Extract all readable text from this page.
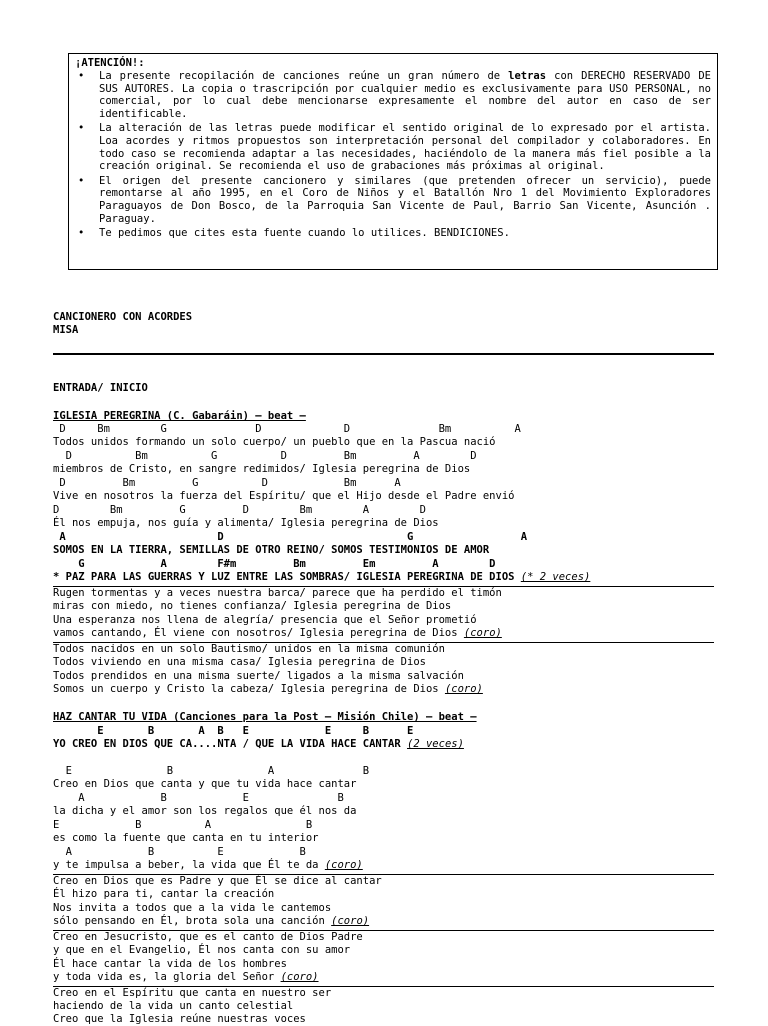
¡ATENCIÓN!:
• La presente recopilación de canciones reúne un gran número de letras con DERECHO RESERVADO DE SUS AUTORES. La copia o trascripción por cualquier medio es exclusivamente para USO PERSONAL, no comercial, por lo cual debe mencionarse expresamente el nombre del autor en caso de ser identificable.
• La alteración de las letras puede modificar el sentido original de lo expresado por el artista. Loa acordes y ritmos propuestos son interpretación personal del compilador y colaboradores. En todo caso se recomienda adaptar a las necesidades, haciéndolo de la manera más fiel posible a la creación original. Se recomienda el uso de grabaciones más próximas al original.
• El origen del presente cancionero y similares (que pretenden ofrecer un servicio), puede remontarse al año 1995, en el Coro de Niños y el Batallón Nro 1 del Movimiento Exploradores Paraguayos de Don Bosco, de la Parroquia San Vicente de Paul, Barrio San Vicente, Asunción . Paraguay.
• Te pedimos que cites esta fuente cuando lo utilices. BENDICIONES.
CANCIONERO CON ACORDES
MISA
ENTRADA/ INICIO
IGLESIA PEREGRINA (C. Gabaráin) – beat –
D     Bm        G              D             D              Bm          A
Todos unidos formando un solo cuerpo/ un pueblo que en la Pascua nació
D          Bm          G          D         Bm         A        D
miembros de Cristo, en sangre redimidos/ Iglesia peregrina de Dios
D         Bm         G          D            Bm      A
Vive en nosotros la fuerza del Espíritu/ que el Hijo desde el Padre envió
D        Bm         G         D        Bm        A        D
Él nos empuja, nos guía y alimenta/ Iglesia peregrina de Dios
A                        D                             G                 A
SOMOS EN LA TIERRA, SEMILLAS DE OTRO REINO/ SOMOS TESTIMONIOS DE AMOR
G            A        F#m         Bm         Em         A        D
* PAZ PARA LAS GUERRAS Y LUZ ENTRE LAS SOMBRAS/ IGLESIA PEREGRINA DE DIOS (* 2 veces)
Rugen tormentas y a veces nuestra barca/ parece que ha perdido el timón
miras con miedo, no tienes confianza/ Iglesia peregrina de Dios
Una esperanza nos llena de alegría/ presencia que el Señor prometió
vamos cantando, Él viene con nosotros/ Iglesia peregrina de Dios (coro)
Todos nacidos en un solo Bautismo/ unidos en la misma comunión
Todos viviendo en una misma casa/ Iglesia peregrina de Dios
Todos prendidos en una misma suerte/ ligados a la misma salvación
Somos un cuerpo y Cristo la cabeza/ Iglesia peregrina de Dios (coro)
HAZ CANTAR TU VIDA (Canciones para la Post – Misión Chile) – beat –
E       B       A  B   E            E     B      E
YO CREO EN DIOS QUE CA....NTA / QUE LA VIDA HACE CANTAR (2 veces)
E               B               A              B
Creo en Dios que canta y que tu vida hace cantar
A            B            E              B
la dicha y el amor son los regalos que él nos da
E            B          A               B
es como la fuente que canta en tu interior
A            B          E            B
y te impulsa a beber, la vida que Él te da (coro)
Creo en Dios que es Padre y que Él se dice al cantar
Él hizo para ti, cantar la creación
Nos invita a todos que a la vida le cantemos
sólo pensando en Él, brota sola una canción (coro)
Creo en Jesucristo, que es el canto de Dios Padre
y que en el Evangelio, Él nos canta con su amor
Él hace cantar la vida de los hombres
y toda vida es, la gloria del Señor (coro)
Creo en el Espíritu que canta en nuestro ser
haciendo de la vida un canto celestial
Creo que la Iglesia reúne nuestras voces
